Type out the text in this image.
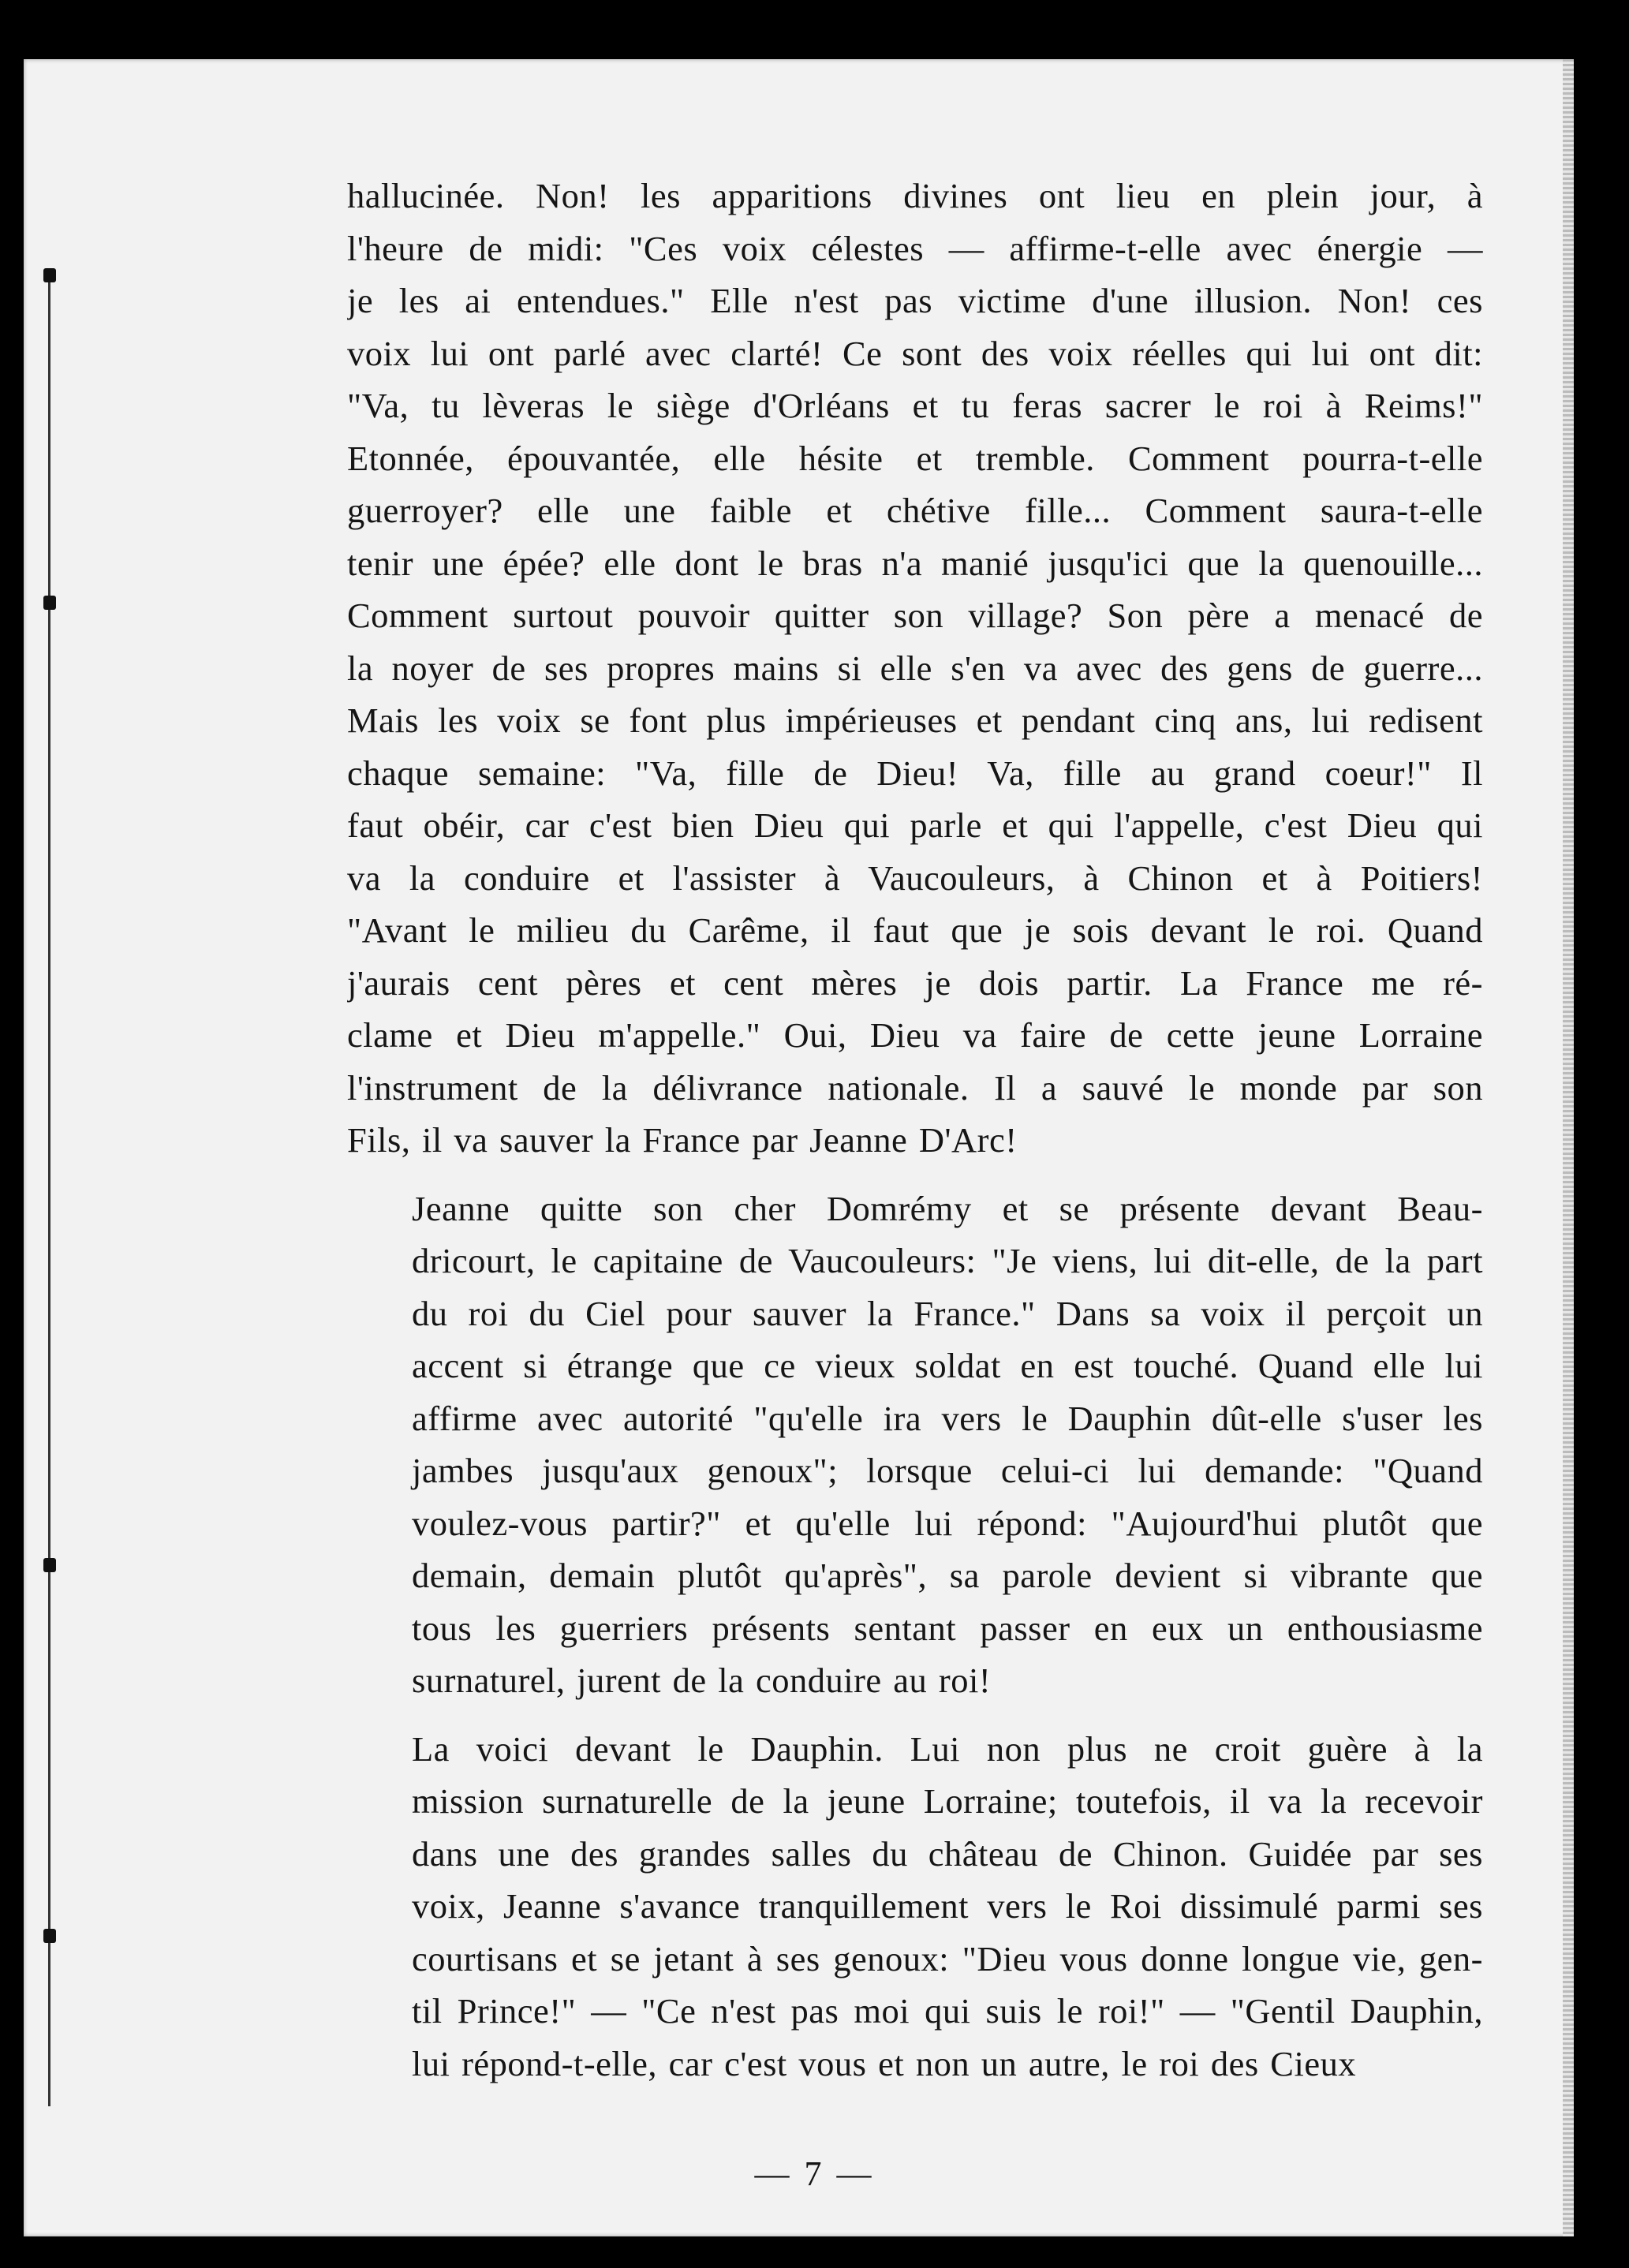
hallucinée. Non! les apparitions divines ont lieu en plein jour, à
l'heure de midi: "Ces voix célestes — affirme-t-elle avec énergie —
je les ai entendues." Elle n'est pas victime d'une illusion. Non! ces
voix lui ont parlé avec clarté! Ce sont des voix réelles qui lui ont dit:
"Va, tu lèveras le siège d'Orléans et tu feras sacrer le roi à Reims!"
Etonnée, épouvantée, elle hésite et tremble. Comment pourra-t-elle
guerroyer? elle une faible et chétive fille... Comment saura-t-elle
tenir une épée? elle dont le bras n'a manié jusqu'ici que la quenouille...
Comment surtout pouvoir quitter son village? Son père a menacé de
la noyer de ses propres mains si elle s'en va avec des gens de guerre...
Mais les voix se font plus impérieuses et pendant cinq ans, lui redisent
chaque semaine: "Va, fille de Dieu! Va, fille au grand coeur!" Il
faut obéir, car c'est bien Dieu qui parle et qui l'appelle, c'est Dieu qui
va la conduire et l'assister à Vaucouleurs, à Chinon et à Poitiers!
"Avant le milieu du Carême, il faut que je sois devant le roi. Quand
j'aurais cent pères et cent mères je dois partir. La France me ré-
clame et Dieu m'appelle." Oui, Dieu va faire de cette jeune Lorraine
l'instrument de la délivrance nationale. Il a sauvé le monde par son
Fils, il va sauver la France par Jeanne D'Arc!

Jeanne quitte son cher Domrémy et se présente devant Beau-
dricourt, le capitaine de Vaucouleurs: "Je viens, lui dit-elle, de la part
du roi du Ciel pour sauver la France." Dans sa voix il perçoit un
accent si étrange que ce vieux soldat en est touché. Quand elle lui
affirme avec autorité "qu'elle ira vers le Dauphin dût-elle s'user les
jambes jusqu'aux genoux"; lorsque celui-ci lui demande: "Quand
voulez-vous partir?" et qu'elle lui répond: "Aujourd'hui plutôt que
demain, demain plutôt qu'après", sa parole devient si vibrante que
tous les guerriers présents sentant passer en eux un enthousiasme
surnaturel, jurent de la conduire au roi!

La voici devant le Dauphin. Lui non plus ne croit guère à la
mission surnaturelle de la jeune Lorraine; toutefois, il va la recevoir
dans une des grandes salles du château de Chinon. Guidée par ses
voix, Jeanne s'avance tranquillement vers le Roi dissimulé parmi ses
courtisans et se jetant à ses genoux: "Dieu vous donne longue vie, gen-
til Prince!" — "Ce n'est pas moi qui suis le roi!" — "Gentil Dauphin,
lui répond-t-elle, car c'est vous et non un autre, le roi des Cieux

— 7 —
